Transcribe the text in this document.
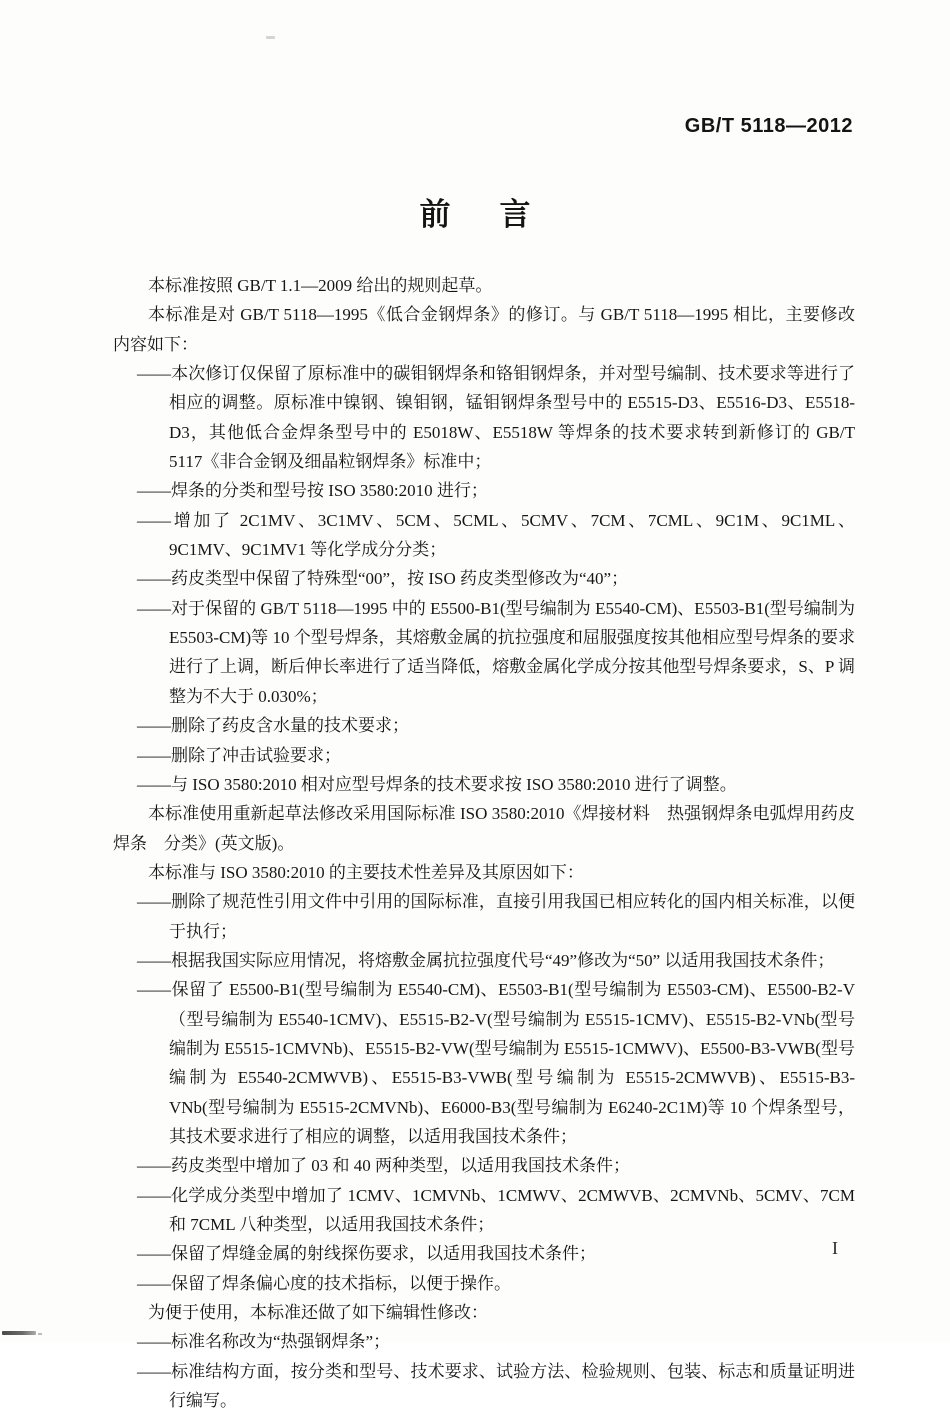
GB/T 5118—2012
前　言

本标准按照 GB/T 1.1—2009 给出的规则起草。

本标准是对 GB/T 5118—1995《低合金钢焊条》的修订。与 GB/T 5118—1995 相比，主要修改内容如下：

——本次修订仅保留了原标准中的碳钼钢焊条和铬钼钢焊条，并对型号编制、技术要求等进行了相应的调整。原标准中镍钢、镍钼钢，锰钼钢焊条型号中的 E5515-D3、E5516-D3、E5518-D3，其他低合金焊条型号中的 E5018W、E5518W 等焊条的技术要求转到新修订的 GB/T 5117《非合金钢及细晶粒钢焊条》标准中；

——焊条的分类和型号按 ISO 3580:2010 进行；

——增加了 2C1MV、3C1MV、5CM、5CML、5CMV、7CM、7CML、9C1M、9C1ML、9C1MV、9C1MV1 等化学成分分类；

——药皮类型中保留了特殊型“00”，按 ISO 药皮类型修改为“40”；

——对于保留的 GB/T 5118—1995 中的 E5500-B1(型号编制为 E5540-CM)、E5503-B1(型号编制为 E5503-CM)等 10 个型号焊条，其熔敷金属的抗拉强度和屈服强度按其他相应型号焊条的要求进行了上调，断后伸长率进行了适当降低，熔敷金属化学成分按其他型号焊条要求，S、P 调整为不大于 0.030%；

——删除了药皮含水量的技术要求；

——删除了冲击试验要求；

——与 ISO 3580:2010 相对应型号焊条的技术要求按 ISO 3580:2010 进行了调整。

本标准使用重新起草法修改采用国际标准 ISO 3580:2010《焊接材料　热强钢焊条电弧焊用药皮焊条　分类》(英文版)。

本标准与 ISO 3580:2010 的主要技术性差异及其原因如下：

——删除了规范性引用文件中引用的国际标准，直接引用我国已相应转化的国内相关标准，以便于执行；

——根据我国实际应用情况，将熔敷金属抗拉强度代号“49”修改为“50” 以适用我国技术条件；

——保留了 E5500-B1(型号编制为 E5540-CM)、E5503-B1(型号编制为 E5503-CM)、E5500-B2-V（型号编制为 E5540-1CMV)、E5515-B2-V(型号编制为 E5515-1CMV)、E5515-B2-VNb(型号编制为 E5515-1CMVNb)、E5515-B2-VW(型号编制为 E5515-1CMWV)、E5500-B3-VWB(型号编制为 E5540-2CMWVB)、E5515-B3-VWB(型号编制为 E5515-2CMWVB)、E5515-B3-VNb(型号编制为 E5515-2CMVNb)、E6000-B3(型号编制为 E6240-2C1M)等 10 个焊条型号，其技术要求进行了相应的调整，以适用我国技术条件；

——药皮类型中增加了 03 和 40 两种类型，以适用我国技术条件；

——化学成分类型中增加了 1CMV、1CMVNb、1CMWV、2CMWVB、2CMVNb、5CMV、7CM 和 7CML 八种类型，以适用我国技术条件；

——保留了焊缝金属的射线探伤要求，以适用我国技术条件；

——保留了焊条偏心度的技术指标，以便于操作。

为便于使用，本标准还做了如下编辑性修改：

——标准名称改为“热强钢焊条”；

——标准结构方面，按分类和型号、技术要求、试验方法、检验规则、包装、标志和质量证明进行编写。

I
